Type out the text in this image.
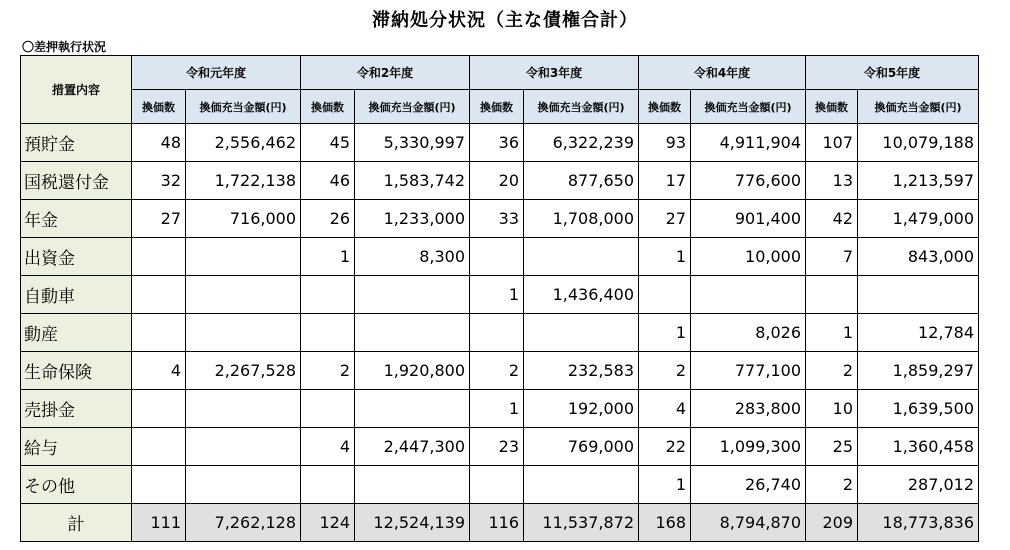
滞納処分状況（主な債権合計）
〇差押執行状況
措置内容	令和元年度		令和2年度		令和3年度		令和4年度		令和5年度	
	換価数	換価充当金額(円)	換価数	換価充当金額(円)	換価数	換価充当金額(円)	換価数	換価充当金額(円)	換価数	換価充当金額(円)
預貯金	48	2,556,462	45	5,330,997	36	6,322,239	93	4,911,904	107	10,079,188
国税還付金	32	1,722,138	46	1,583,742	20	877,650	17	776,600	13	1,213,597
年金	27	716,000	26	1,233,000	33	1,708,000	27	901,400	42	1,479,000
出資金			1	8,300			1	10,000	7	843,000
自動車					1	1,436,400				
動産							1	8,026	1	12,784
生命保険	4	2,267,528	2	1,920,800	2	232,583	2	777,100	2	1,859,297
売掛金					1	192,000	4	283,800	10	1,639,500
給与			4	2,447,300	23	769,000	22	1,099,300	25	1,360,458
その他							1	26,740	2	287,012
計	111	7,262,128	124	12,524,139	116	11,537,872	168	8,794,870	209	18,773,836
